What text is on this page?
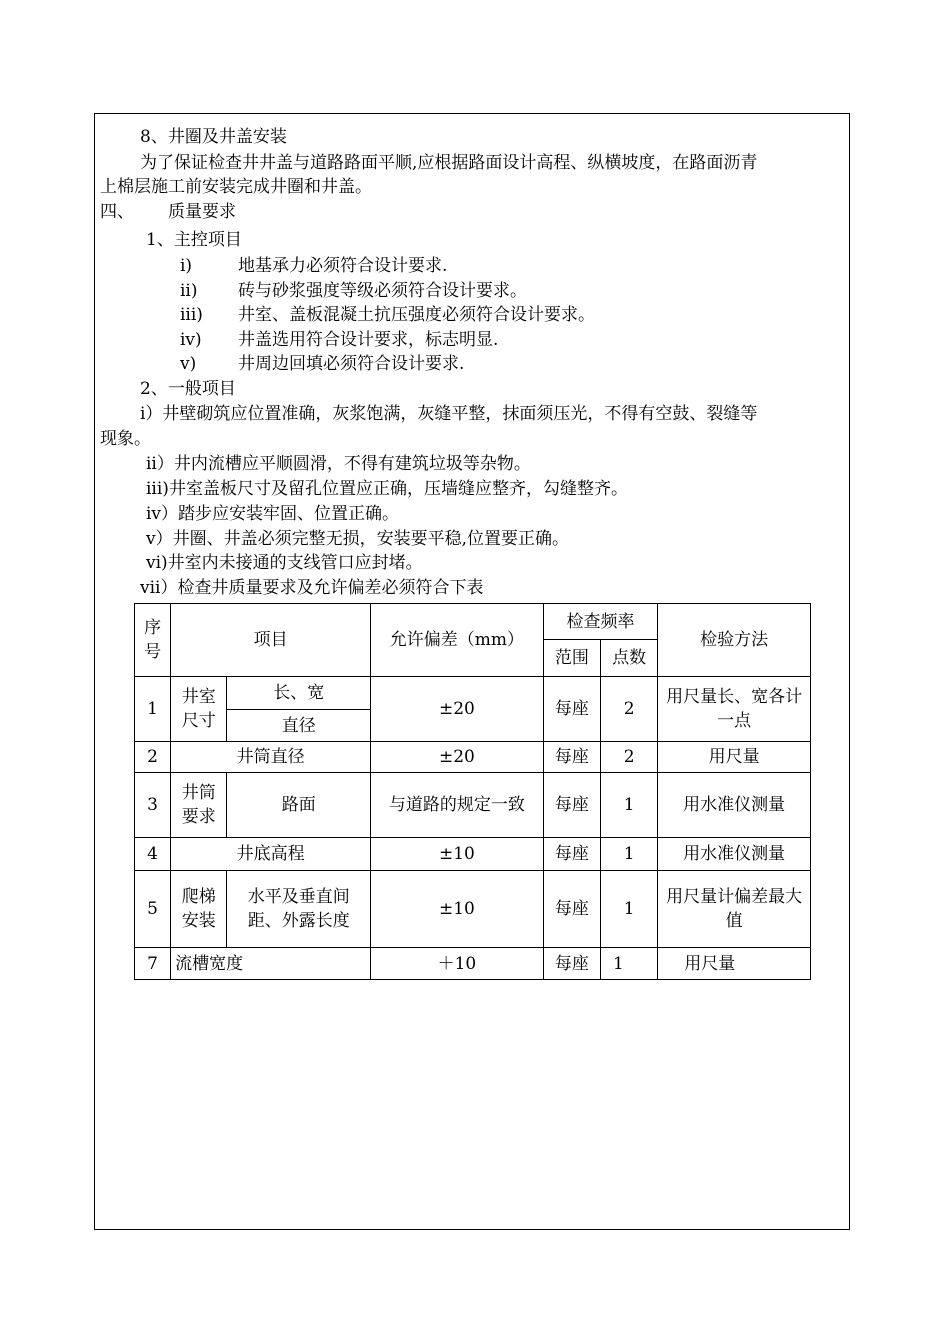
8、井圈及井盖安装
为了保证检查井井盖与道路路面平顺,应根据路面设计高程、纵横坡度，在路面沥青
上棉层施工前安装完成井圈和井盖。
四、 质量要求
1、主控项目
i)	地基承力必须符合设计要求.
ii) 砖与砂浆强度等级必须符合设计要求。
iii) 井室、盖板混凝土抗压强度必须符合设计要求。
iv) 井盖选用符合设计要求，标志明显.
v) 井周边回填必须符合设计要求.
2、一般项目
i）井壁砌筑应位置准确，灰浆饱满，灰缝平整，抹面须压光，不得有空鼓、裂缝等
现象。
ii）井内流槽应平顺圆滑，不得有建筑垃圾等杂物。
iii)井室盖板尺寸及留孔位置应正确，压墙缝应整齐，勾缝整齐。
iv）踏步应安装牢固、位置正确。
v）井圈、井盖必须完整无损，安装要平稳,位置要正确。
vi)井室内未接通的支线管口应封堵。
vii）检查井质量要求及允许偏差必须符合下表
序号	项目		允许偏差（mm）	检查频率		检验方法
				范围	点数	
1	井室尺寸	长、宽	±20	每座	2	用尺量长、宽各计一点
		直径				
2	井筒直径		±20	每座	2	用尺量
3	井筒要求	路面	与道路的规定一致	每座	1	用水准仪测量
4	井底高程		±10	每座	1	用水准仪测量
5	爬梯安装	水平及垂直间距、外露长度	±10	每座	1	用尺量计偏差最大值
7	流槽宽度		＋10	每座	1	用尺量
